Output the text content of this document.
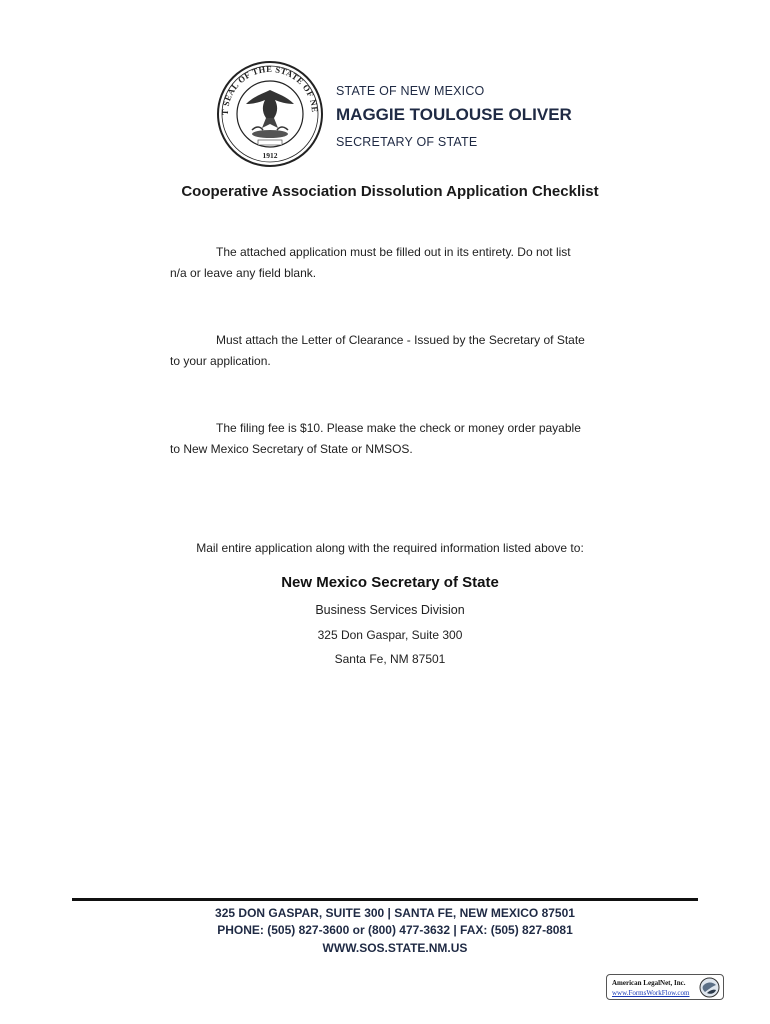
T SEAL OF THE STATE OF NE
1912
STATE OF NEW MEXICO
MAGGIE TOULOUSE OLIVER
SECRETARY OF STATE
Cooperative Association Dissolution Application Checklist
The attached application must be filled out in its entirety. Do not list
n/a or leave any field blank.
Must attach the Letter of Clearance - Issued by the Secretary of State
to your application.
The filing fee is $10. Please make the check or money order payable
to New Mexico Secretary of State or NMSOS.
Mail entire application along with the required information listed above to:
New Mexico Secretary of State
Business Services Division
325 Don Gaspar, Suite 300
Santa Fe, NM 87501
325 DON GASPAR, SUITE 300 | SANTA FE, NEW MEXICO 87501
PHONE: (505) 827-3600 or (800) 477-3632 | FAX: (505) 827-8081
WWW.SOS.STATE.NM.US
American LegalNet, Inc.
www.FormsWorkFlow.com
